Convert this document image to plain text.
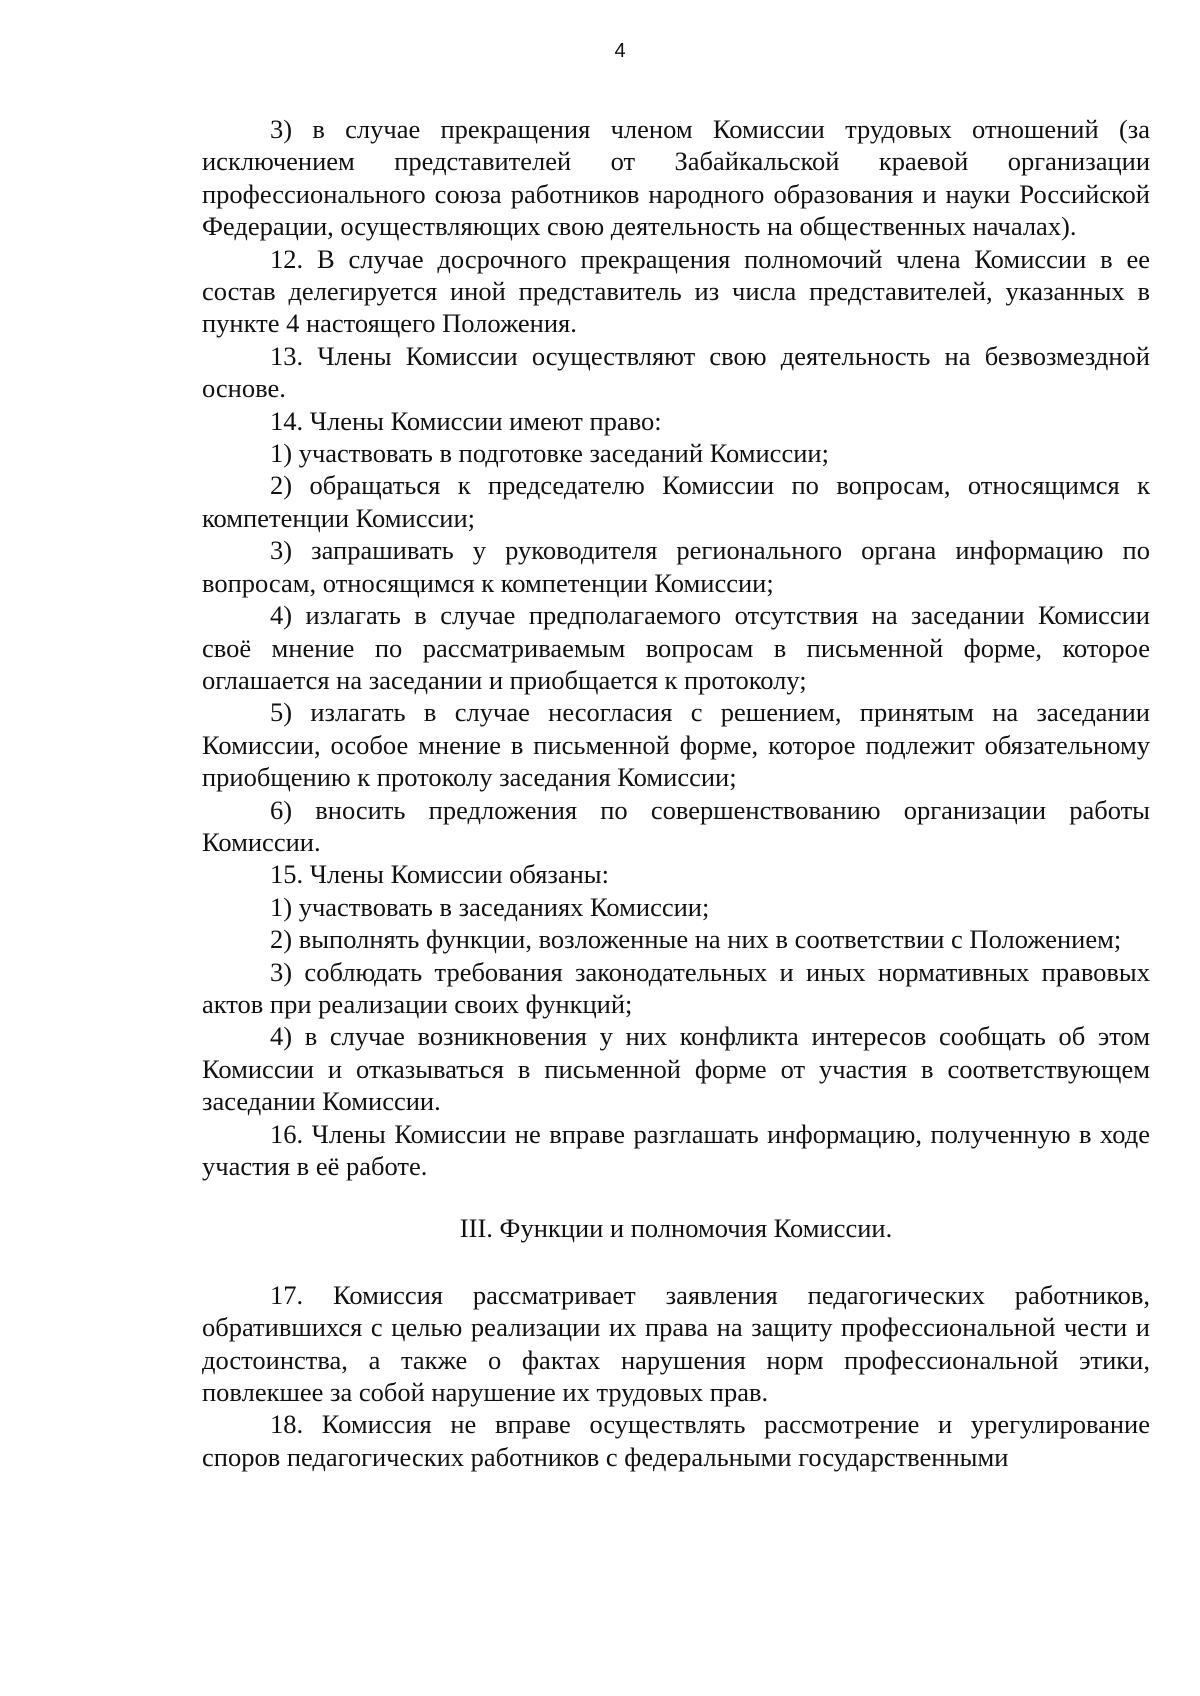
4

3) в случае прекращения членом Комиссии трудовых отношений (за исключением представителей от Забайкальской краевой организации профессионального союза работников народного образования и науки Российской Федерации, осуществляющих свою деятельность на общественных началах).

12. В случае досрочного прекращения полномочий члена Комиссии в ее состав делегируется иной представитель из числа представителей, указанных в пункте 4 настоящего Положения.

13. Члены Комиссии осуществляют свою деятельность на безвозмездной основе.

14. Члены Комиссии имеют право:

1) участвовать в подготовке заседаний Комиссии;

2) обращаться к председателю Комиссии по вопросам, относящимся к компетенции Комиссии;

3) запрашивать у руководителя регионального органа информацию по вопросам, относящимся к компетенции Комиссии;

4) излагать в случае предполагаемого отсутствия на заседании Комиссии своё мнение по рассматриваемым вопросам в письменной форме, которое оглашается на заседании и приобщается к протоколу;

5) излагать в случае несогласия с решением, принятым на заседании Комиссии, особое мнение в письменной форме, которое подлежит обязательному приобщению к протоколу заседания Комиссии;

6) вносить предложения по совершенствованию организации работы Комиссии.

15. Члены Комиссии обязаны:

1) участвовать в заседаниях Комиссии;

2) выполнять функции, возложенные на них в соответствии с Положением;

3) соблюдать требования законодательных и иных нормативных правовых актов при реализации своих функций;

4) в случае возникновения у них конфликта интересов сообщать об этом Комиссии и отказываться в письменной форме от участия в соответствующем заседании Комиссии.

16. Члены Комиссии не вправе разглашать информацию, полученную в ходе участия в её работе.

III. Функции и полномочия Комиссии.

17. Комиссия рассматривает заявления педагогических работников, обратившихся с целью реализации их права на защиту профессиональной чести и достоинства, а также о фактах нарушения норм профессиональной этики, повлекшее за собой нарушение их трудовых прав.

18. Комиссия не вправе осуществлять рассмотрение и урегулирование споров педагогических работников с федеральными государственными
